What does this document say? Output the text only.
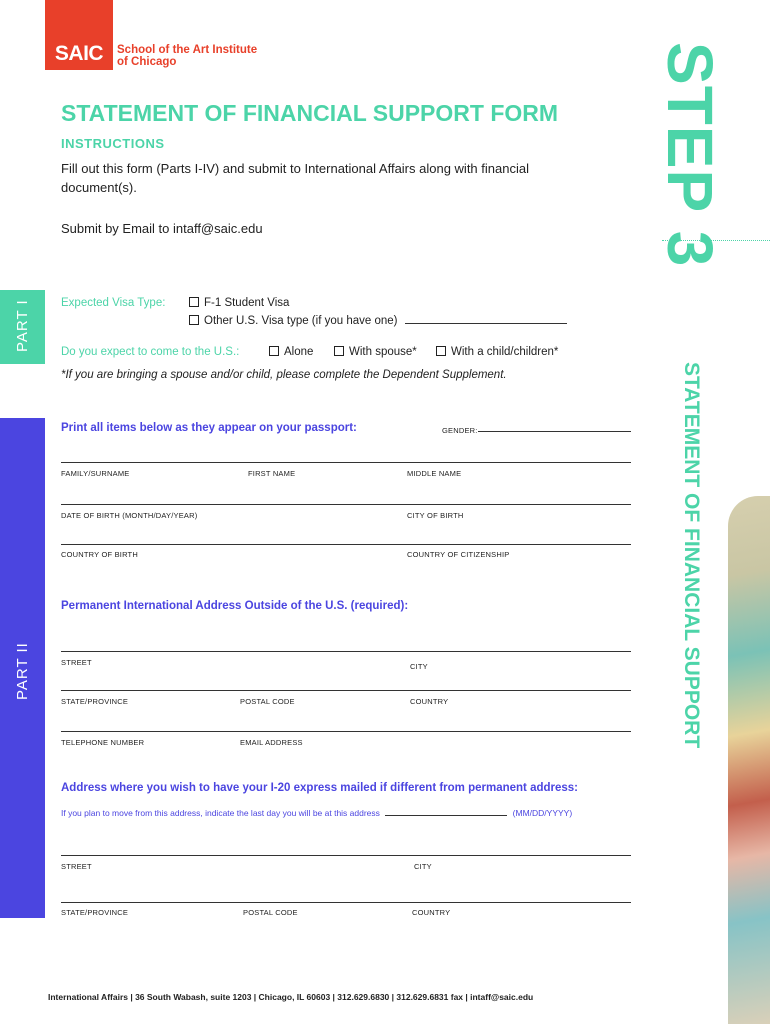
SAIC	School of the Art Institute
of Chicago	STEP 3
STATEMENT OF FINANCIAL SUPPORT
PART I
PART II
STATEMENT OF FINANCIAL SUPPORT FORM
INSTRUCTIONS
Fill out this form (Parts I-IV) and submit to International Affairs along with financial document(s).
Submit by Email to intaff@saic.edu
Expected Visa Type:	F-1 Student Visa
Other U.S. Visa type (if you have one)
Do you expect to come to the U.S.:	Alone	With spouse*	With a child/children*
*If you are bringing a spouse and/or child, please complete the Dependent Supplement.
Print all items below as they appear on your passport:	GENDER:
FAMILY/SURNAME	FIRST NAME	MIDDLE NAME
DATE OF BIRTH (MONTH/DAY/YEAR)	CITY OF BIRTH
COUNTRY OF BIRTH	COUNTRY OF CITIZENSHIP
Permanent International Address Outside of the U.S. (required):
STREET	CITY
STATE/PROVINCE	POSTAL CODE	COUNTRY
TELEPHONE NUMBER	EMAIL ADDRESS
Address where you wish to have your I-20 express mailed if different from permanent address:
If you plan to move from this address, indicate the last day you will be at this address	(MM/DD/YYYY)
STREET	CITY
STATE/PROVINCE	POSTAL CODE	COUNTRY
International Affairs | 36 South Wabash, suite 1203 | Chicago, IL 60603 | 312.629.6830 | 312.629.6831 fax | intaff@saic.edu
